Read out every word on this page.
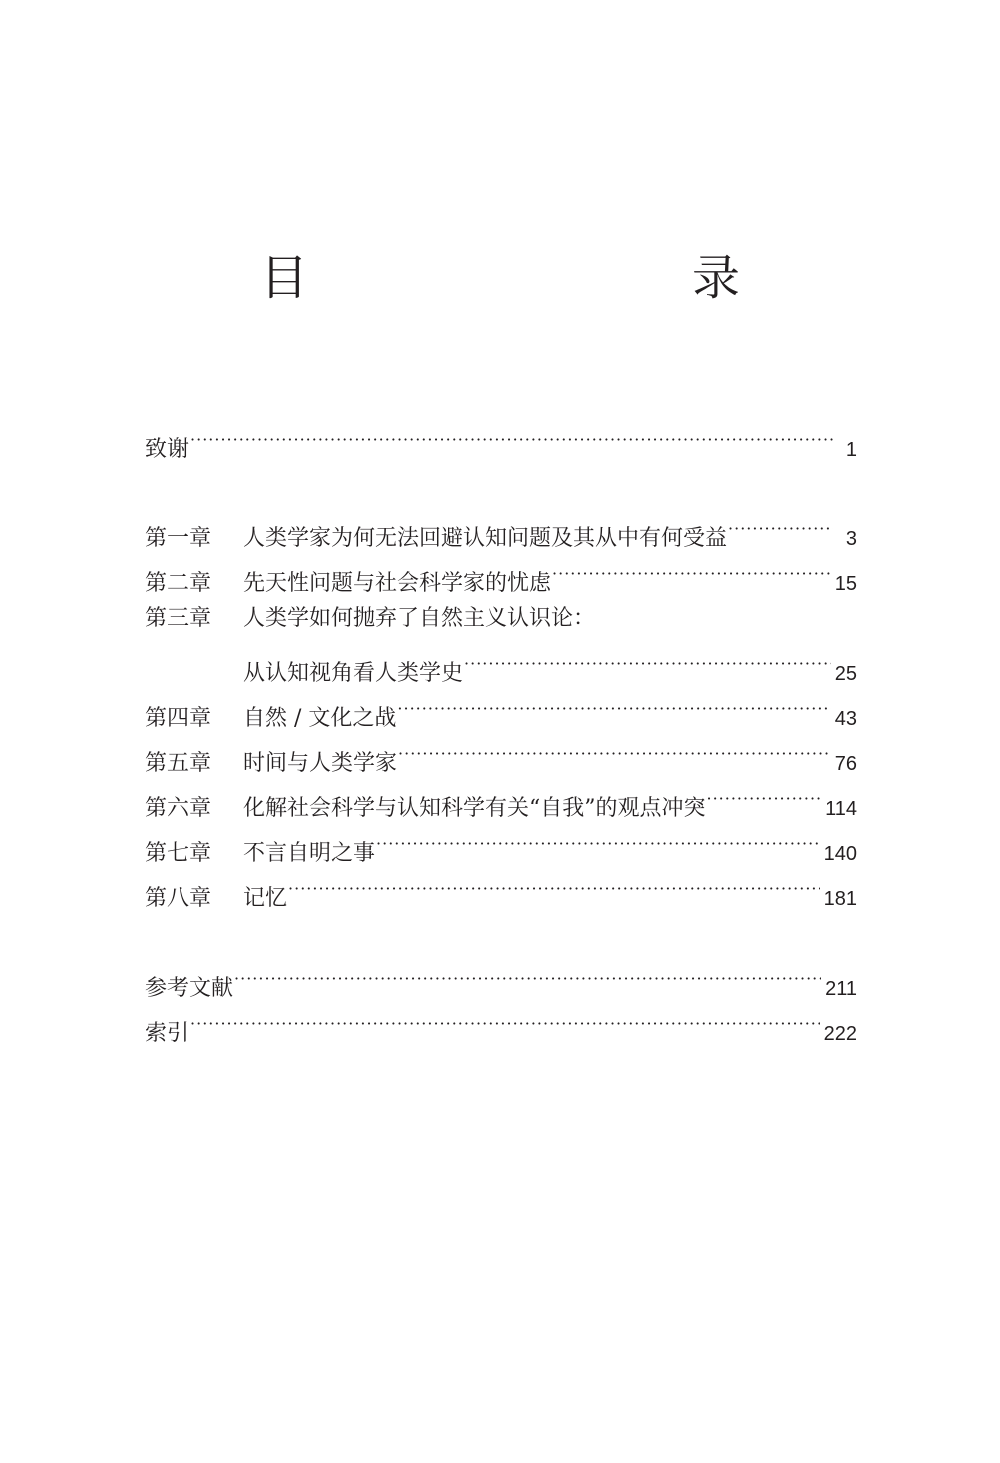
目　　录
致谢 ·····	1
第一章	人类学家为何无法回避认知问题及其从中有何受益 ·····	3
第二章	先天性问题与社会科学家的忧虑 ·····	15
第三章	人类学如何抛弃了自然主义认识论：
从认知视角看人类学史 ·····	25
第四章	自然 / 文化之战 ·····	43
第五章	时间与人类学家 ·····	76
第六章	化解社会科学与认知科学有关“自我”的观点冲突 ·····	114
第七章	不言自明之事 ·····	140
第八章	记忆 ·····	181
参考文献 ·····	211
索引 ·····	222
